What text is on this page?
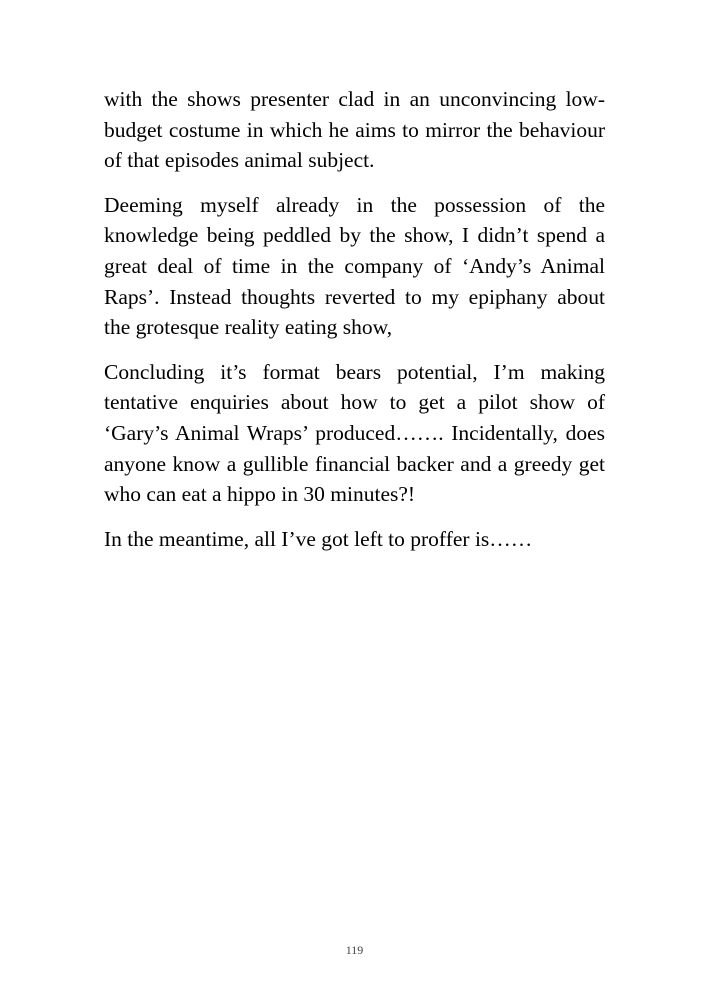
with the shows presenter clad in an unconvincing low-budget costume in which he aims to mirror the behaviour of that episodes animal subject.

Deeming myself already in the possession of the knowledge being peddled by the show, I didn’t spend a great deal of time in the company of ‘Andy’s Animal Raps’. Instead thoughts reverted to my epiphany about the grotesque reality eating show,

Concluding it’s format bears potential, I’m making tentative enquiries about how to get a pilot show of ‘Gary’s Animal Wraps’ produced……. Incidentally, does anyone know a gullible financial backer and a greedy get who can eat a hippo in 30 minutes?!

In the meantime, all I’ve got left to proffer is……

119
